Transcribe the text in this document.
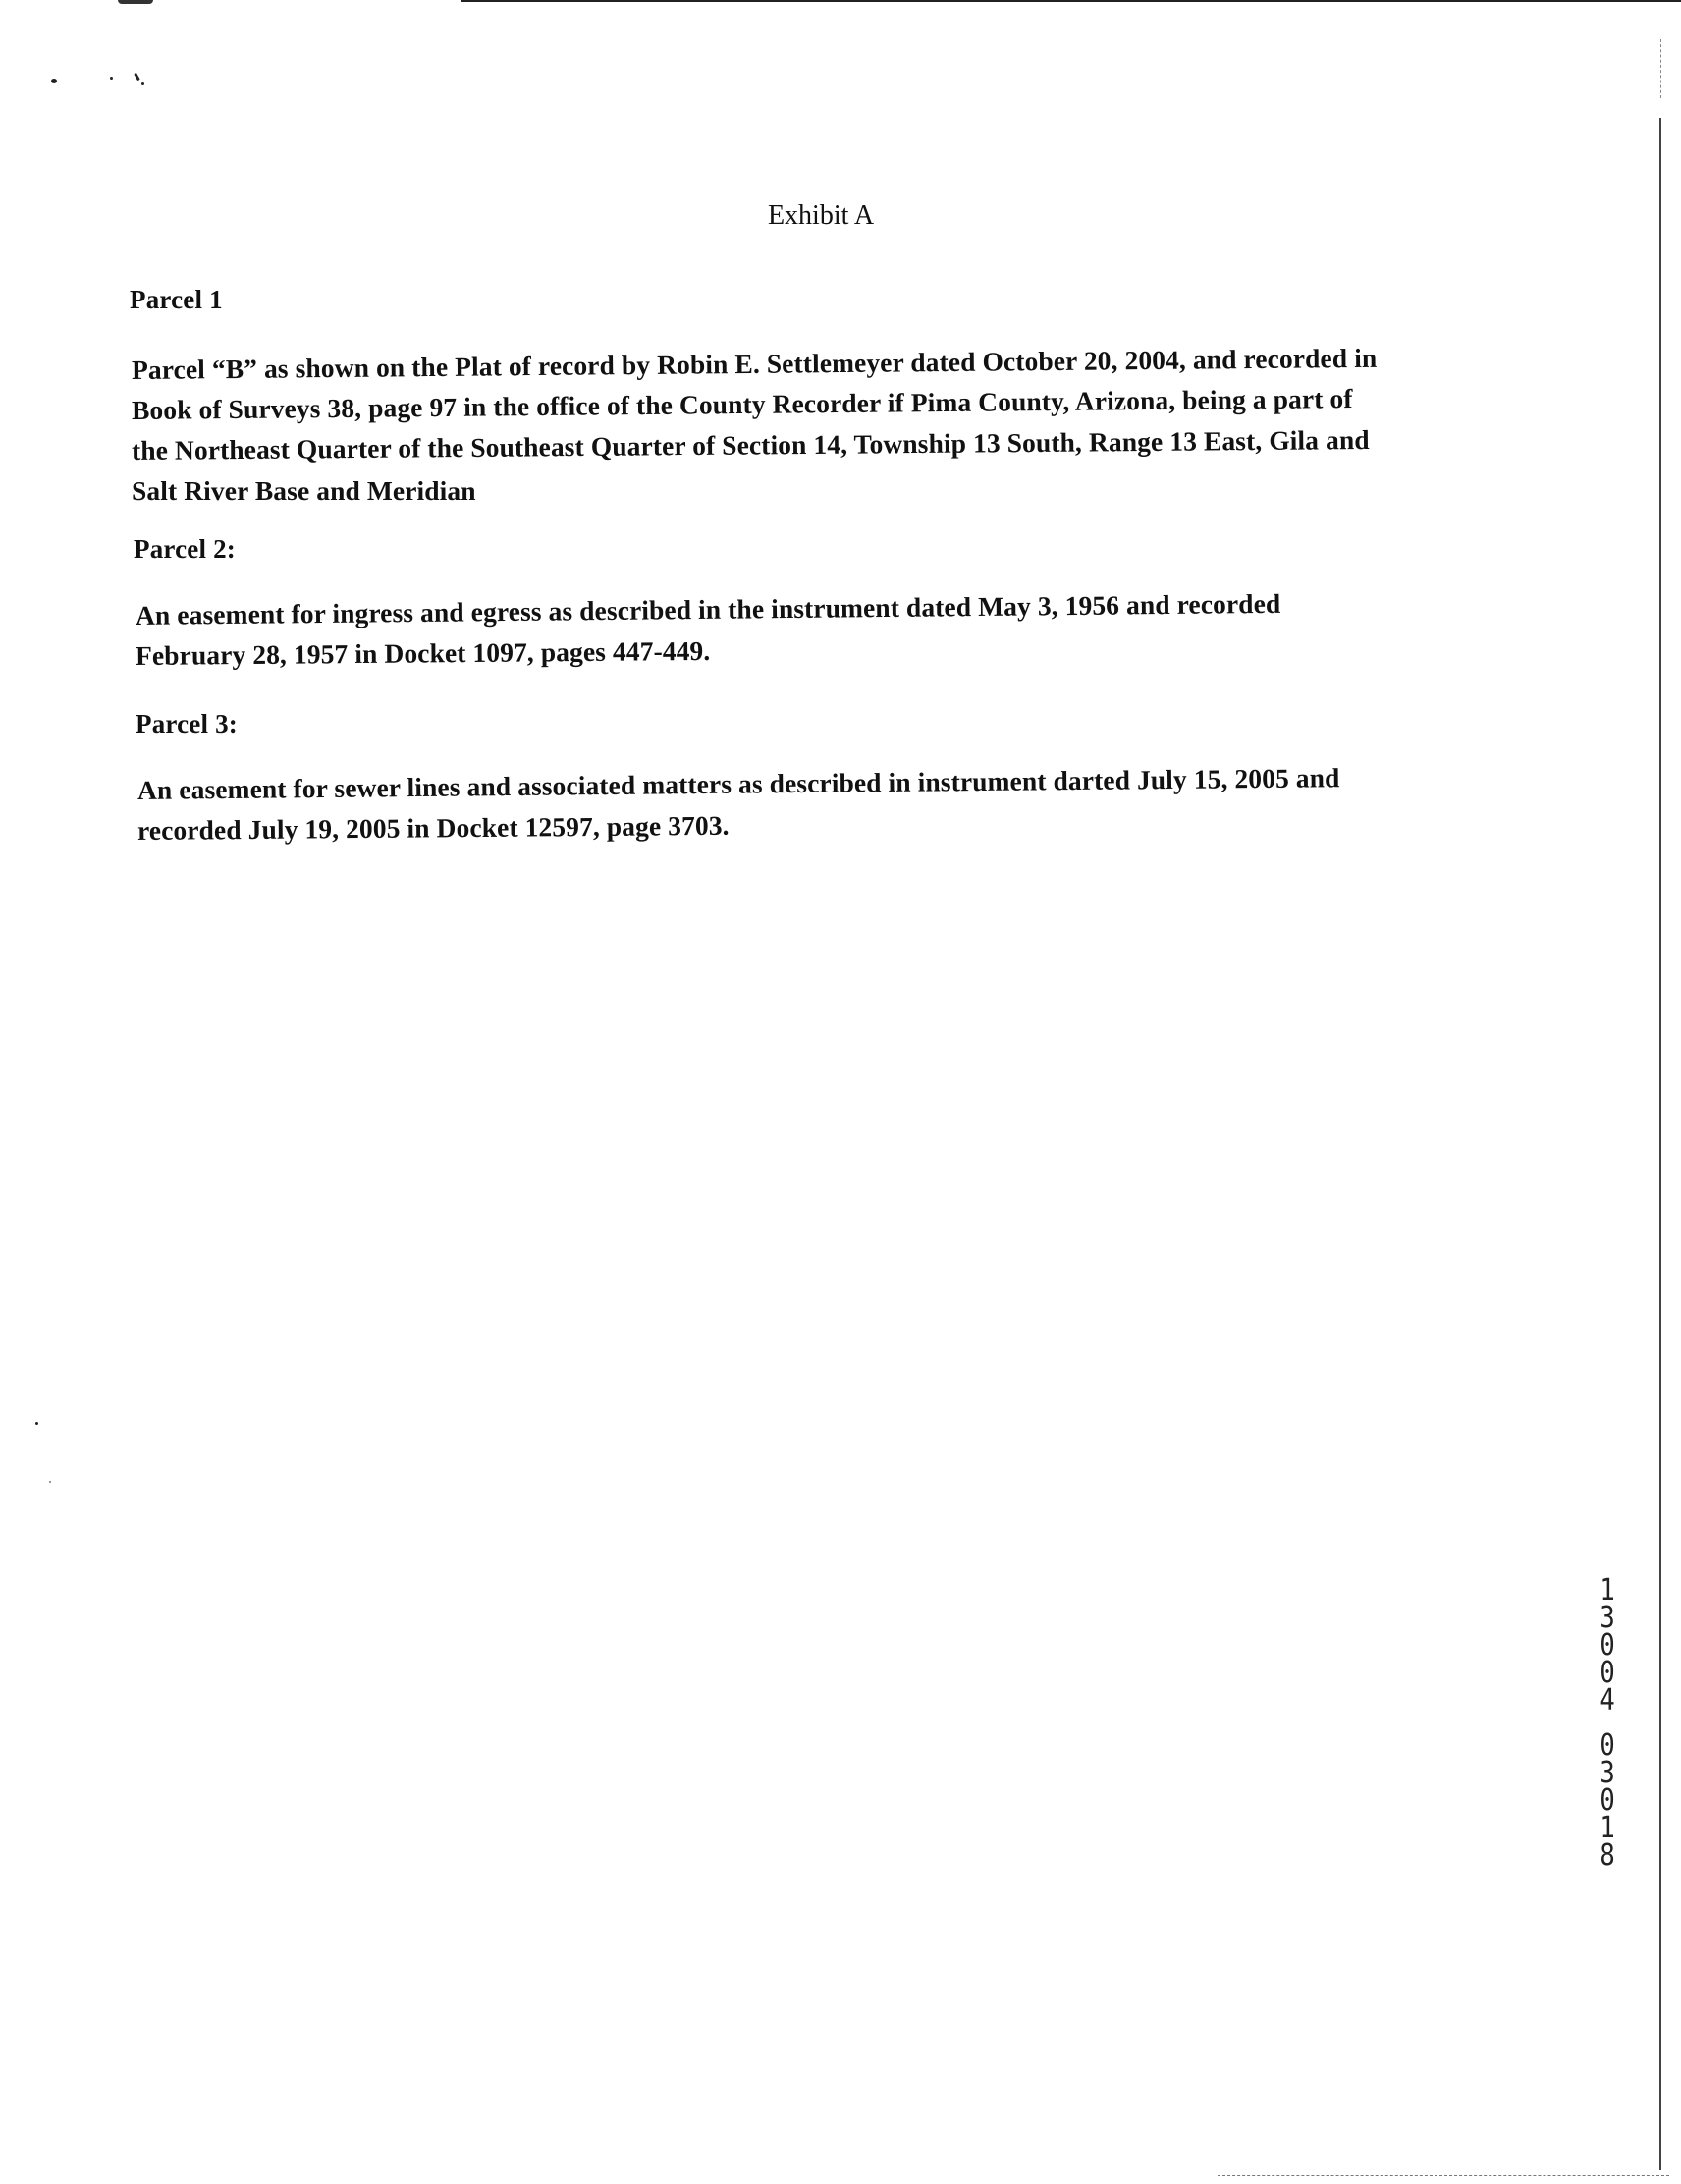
Exhibit A
Parcel 1
Parcel “B” as shown on the Plat of record by Robin E. Settlemeyer dated October 20, 2004, and recorded in
Book of Surveys 38, page 97 in the office of the County Recorder if Pima County, Arizona, being a part of
the Northeast Quarter of the Southeast Quarter of Section 14, Township 13 South, Range 13 East, Gila and
Salt River Base and Meridian
Parcel 2:
An easement for ingress and egress as described in the instrument dated May 3, 1956 and recorded
February 28, 1957 in Docket 1097, pages 447-449.
Parcel 3:
An easement for sewer lines and associated matters as described in instrument darted July 15, 2005 and
recorded July 19, 2005 in Docket 12597, page 3703.
1
3
0
0
4
0
3
0
1
8
